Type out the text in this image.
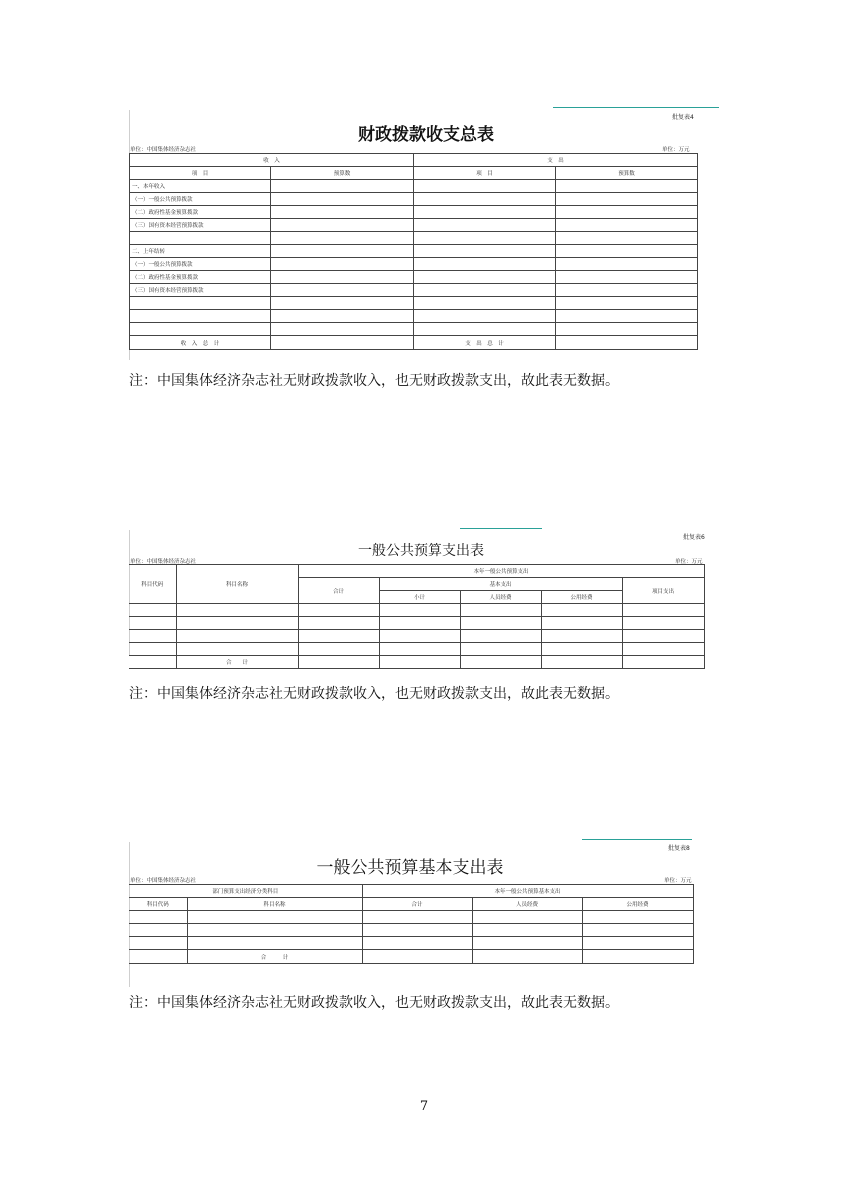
批复表4
财政拨款收支总表
单位：中国集体经济杂志社	单位：万元
收　入		支　出	
项　目	预算数	项　目	预算数
一、本年收入			
（一）一般公共预算拨款			
（二）政府性基金预算拨款			
（三）国有资本经营预算拨款			

二、上年结转			
（一）一般公共预算拨款			
（二）政府性基金预算拨款			
（三）国有资本经营预算拨款			

收　入　总　计		支　出　总　计	
注：中国集体经济杂志社无财政拨款收入，也无财政拨款支出，故此表无数据。
批复表6
一般公共预算支出表
单位：中国集体经济杂志社	单位：万元
科目代码	科目名称	本年一般公共预算支出				
		合计	基本支出			项目支出
			小计	人员经费	公用经费	

	合　　计					
注：中国集体经济杂志社无财政拨款收入，也无财政拨款支出，故此表无数据。
批复表8
一般公共预算基本支出表
单位：中国集体经济杂志社	单位：万元
部门预算支出经济分类科目		本年一般公共预算基本支出		
科目代码	科目名称	合计	人员经费	公用经费

	合　　　计			
注：中国集体经济杂志社无财政拨款收入，也无财政拨款支出，故此表无数据。
7
